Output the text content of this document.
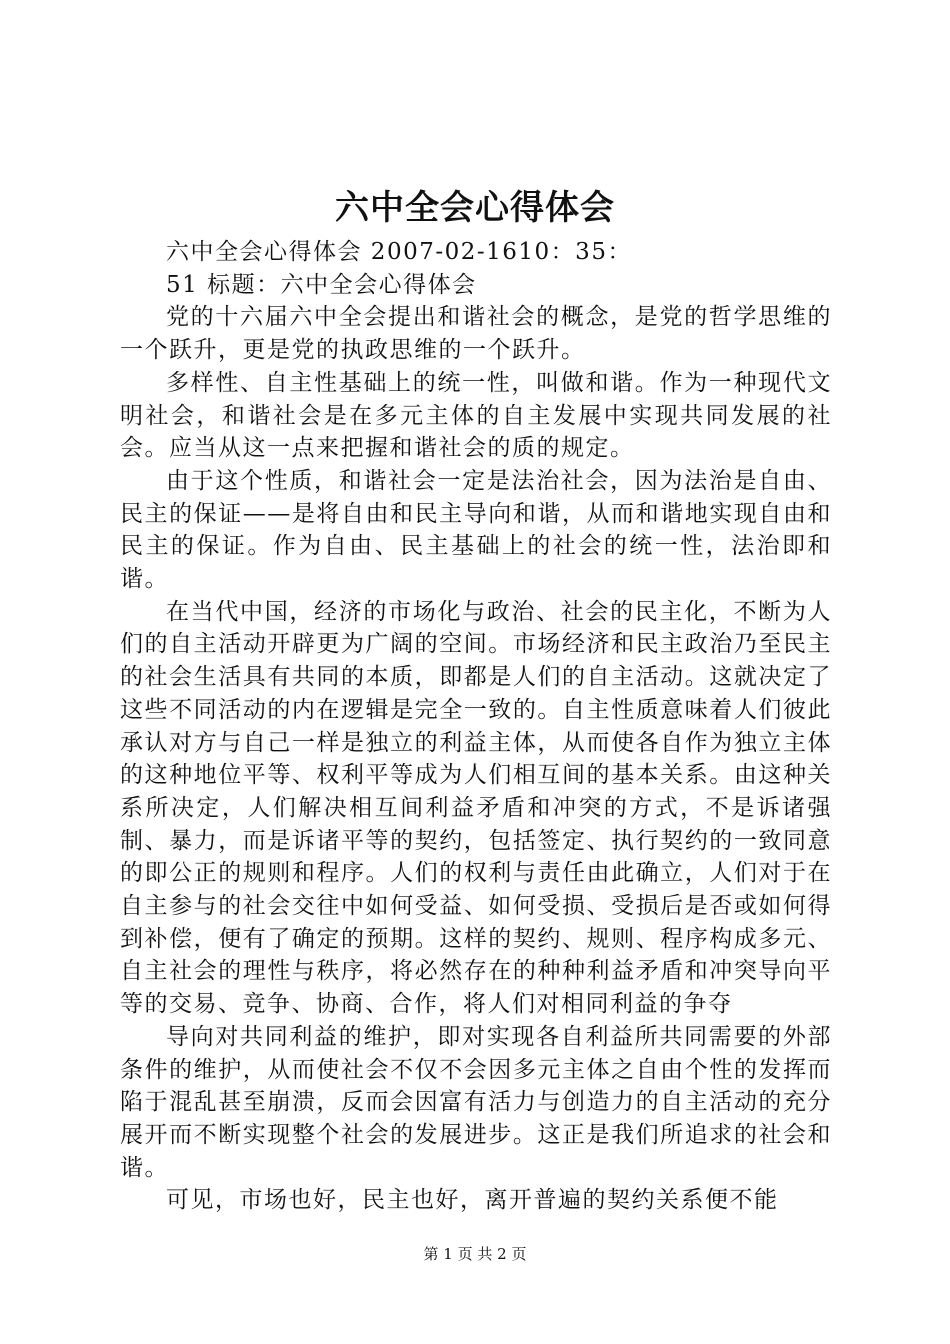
六中全会心得体会

六中全会心得体会 2007-02-1610：35：

51 标题：六中全会心得体会

党的十六届六中全会提出和谐社会的概念，是党的哲学思维的一个跃升，更是党的执政思维的一个跃升。

多样性、自主性基础上的统一性，叫做和谐。作为一种现代文明社会，和谐社会是在多元主体的自主发展中实现共同发展的社会。应当从这一点来把握和谐社会的质的规定。

由于这个性质，和谐社会一定是法治社会，因为法治是自由、民主的保证——是将自由和民主导向和谐，从而和谐地实现自由和民主的保证。作为自由、民主基础上的社会的统一性，法治即和谐。

在当代中国，经济的市场化与政治、社会的民主化，不断为人们的自主活动开辟更为广阔的空间。市场经济和民主政治乃至民主的社会生活具有共同的本质，即都是人们的自主活动。这就决定了这些不同活动的内在逻辑是完全一致的。自主性质意味着人们彼此承认对方与自己一样是独立的利益主体，从而使各自作为独立主体的这种地位平等、权利平等成为人们相互间的基本关系。由这种关系所决定，人们解决相互间利益矛盾和冲突的方式，不是诉诸强制、暴力，而是诉诸平等的契约，包括签定、执行契约的一致同意的即公正的规则和程序。人们的权利与责任由此确立，人们对于在自主参与的社会交往中如何受益、如何受损、受损后是否或如何得到补偿，便有了确定的预期。这样的契约、规则、程序构成多元、自主社会的理性与秩序，将必然存在的种种利益矛盾和冲突导向平等的交易、竞争、协商、合作，将人们对相同利益的争夺

导向对共同利益的维护，即对实现各自利益所共同需要的外部条件的维护，从而使社会不仅不会因多元主体之自由个性的发挥而陷于混乱甚至崩溃，反而会因富有活力与创造力的自主活动的充分展开而不断实现整个社会的发展进步。这正是我们所追求的社会和谐。

可见，市场也好，民主也好，离开普遍的契约关系便不能

第 1 页 共 2 页
